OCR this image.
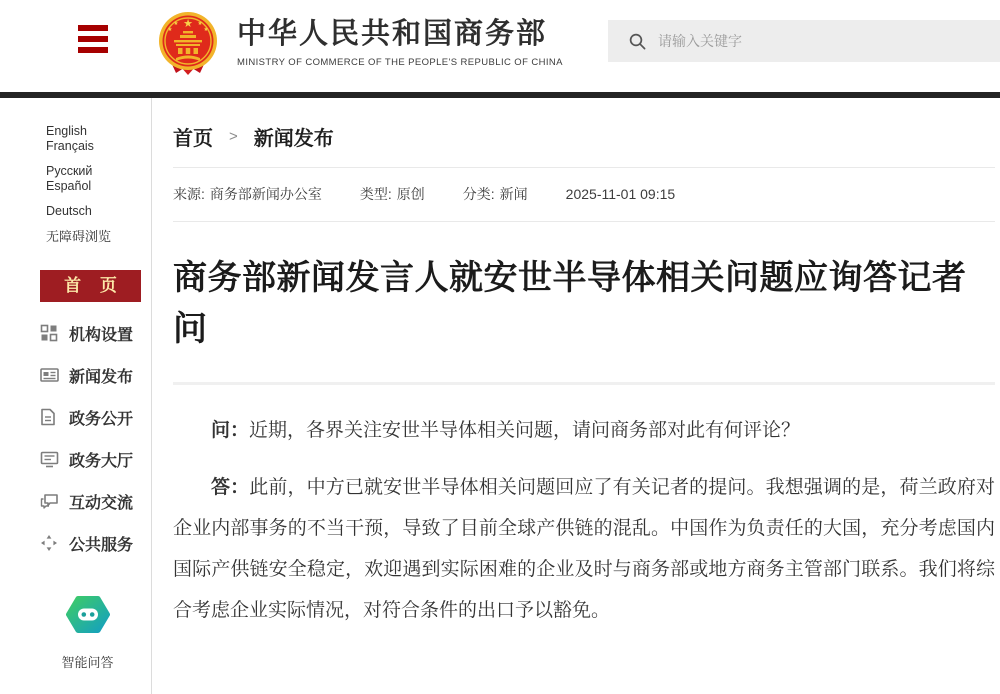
★
★	★
★	★ 中华人民共和国商务部
MINISTRY OF COMMERCE OF THE PEOPLE'S REPUBLIC OF CHINA
请输入关键字
English Français
Русский Español
Deutsch
无障碍浏览
首 页
机构设置
新闻发布
政务公开
政务大厅
互动交流
公共服务
智能问答
首页 > 新闻发布
来源: 商务部新闻办公室	类型: 原创	分类: 新闻	2025-11-01 09:15
商务部新闻发言人就安世半导体相关问题应询答记者问

问：近期，各界关注安世半导体相关问题，请问商务部对此有何评论？

答：此前，中方已就安世半导体相关问题回应了有关记者的提问。我想强调的是，荷兰政府对企业内部事务的不当干预，导致了目前全球产供链的混乱。中国作为负责任的大国，充分考虑国内国际产供链安全稳定，欢迎遇到实际困难的企业及时与商务部或地方商务主管部门联系。我们将综合考虑企业实际情况，对符合条件的出口予以豁免。
